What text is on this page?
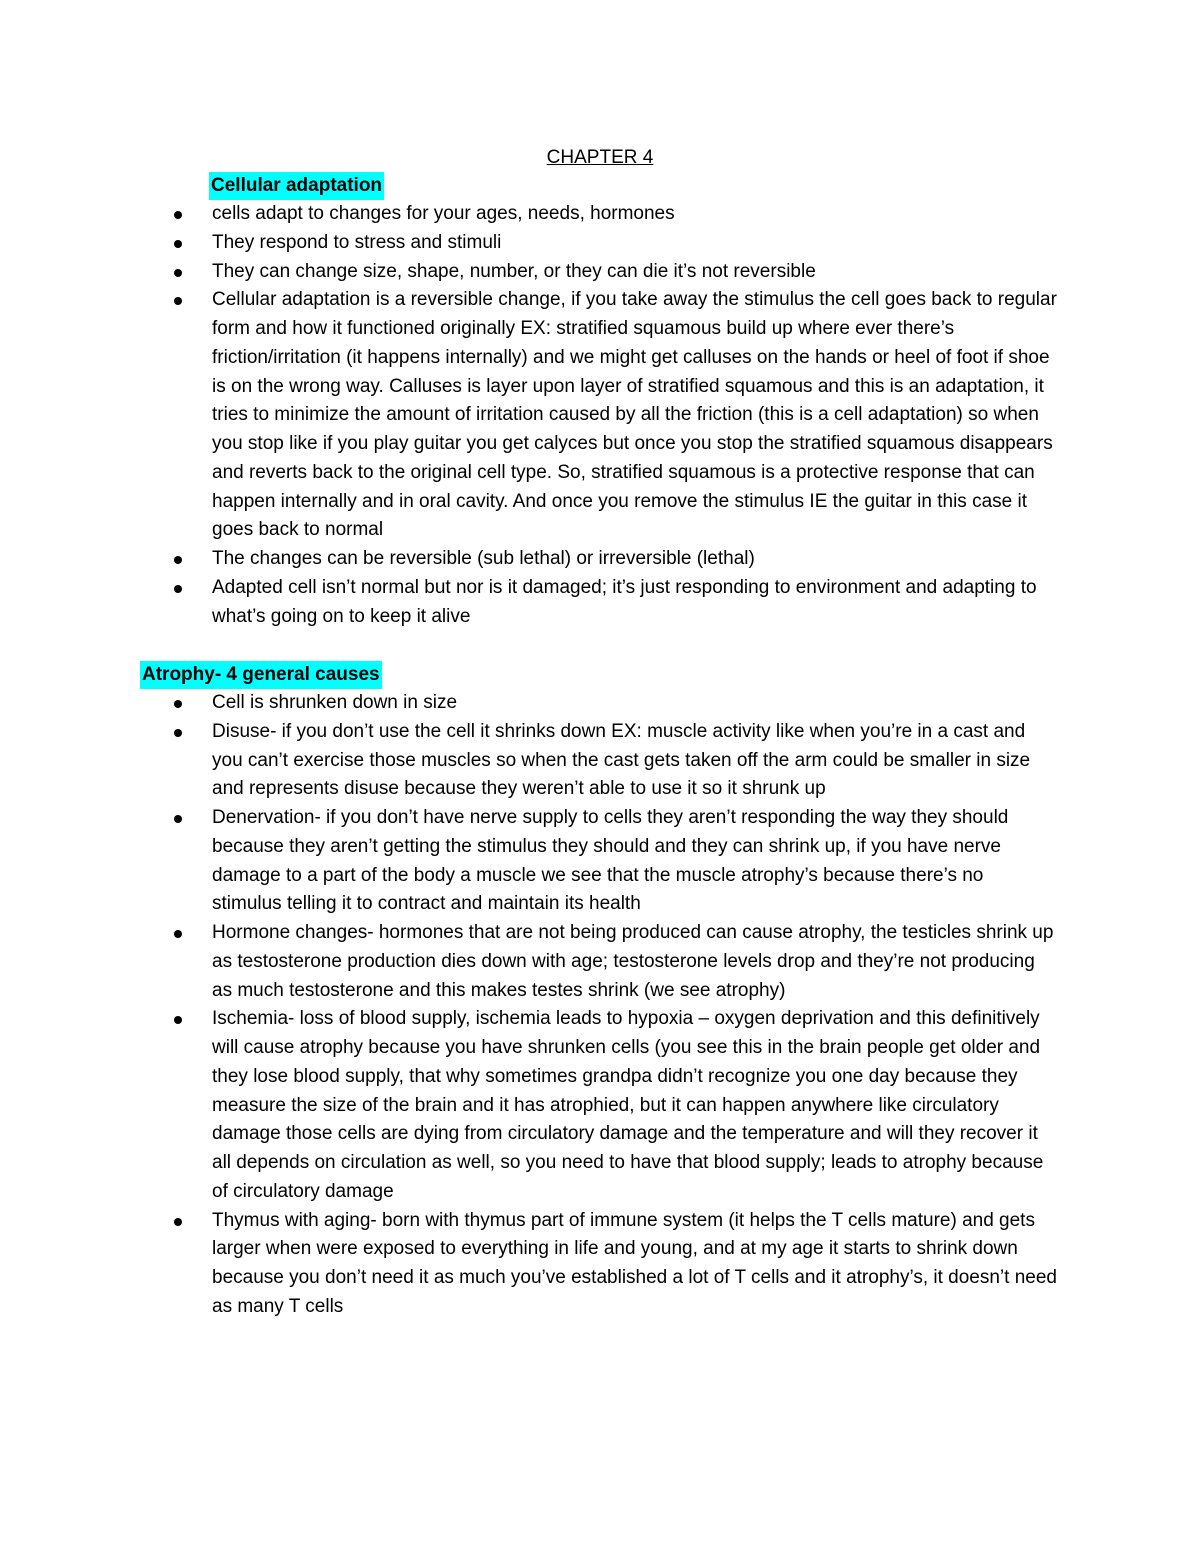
CHAPTER 4
Cellular adaptation
cells adapt to changes for your ages, needs, hormones
They respond to stress and stimuli
They can change size, shape, number, or they can die it’s not reversible
Cellular adaptation is a reversible change, if you take away the stimulus the cell goes back to regular form and how it functioned originally EX: stratified squamous build up where ever there’s friction/irritation (it happens internally) and we might get calluses on the hands or heel of foot if shoe is on the wrong way. Calluses is layer upon layer of stratified squamous and this is an adaptation, it tries to minimize the amount of irritation caused by all the friction (this is a cell adaptation) so when you stop like if you play guitar you get calyces but once you stop the stratified squamous disappears and reverts back to the original cell type. So, stratified squamous is a protective response that can happen internally and in oral cavity. And once you remove the stimulus IE the guitar in this case it goes back to normal
The changes can be reversible (sub lethal) or irreversible (lethal)
Adapted cell isn’t normal but nor is it damaged; it’s just responding to environment and adapting to what’s going on to keep it alive
Atrophy- 4 general causes
Cell is shrunken down in size
Disuse- if you don’t use the cell it shrinks down EX: muscle activity like when you’re in a cast and you can’t exercise those muscles so when the cast gets taken off the arm could be smaller in size and represents disuse because they weren’t able to use it so it shrunk up
Denervation- if you don’t have nerve supply to cells they aren’t responding the way they should because they aren’t getting the stimulus they should and they can shrink up, if you have nerve damage to a part of the body a muscle we see that the muscle atrophy’s because there’s no stimulus telling it to contract and maintain its health
Hormone changes- hormones that are not being produced can cause atrophy, the testicles shrink up as testosterone production dies down with age; testosterone levels drop and they’re not producing as much testosterone and this makes testes shrink (we see atrophy)
Ischemia- loss of blood supply, ischemia leads to hypoxia – oxygen deprivation and this definitively will cause atrophy because you have shrunken cells (you see this in the brain people get older and they lose blood supply, that why sometimes grandpa didn’t recognize you one day because they measure the size of the brain and it has atrophied, but it can happen anywhere like circulatory damage those cells are dying from circulatory damage and the temperature and will they recover it all depends on circulation as well, so you need to have that blood supply; leads to atrophy because of circulatory damage
Thymus with aging- born with thymus part of immune system (it helps the T cells mature) and gets larger when were exposed to everything in life and young, and at my age it starts to shrink down because you don’t need it as much you’ve established a lot of T cells and it atrophy’s, it doesn’t need as many T cells
